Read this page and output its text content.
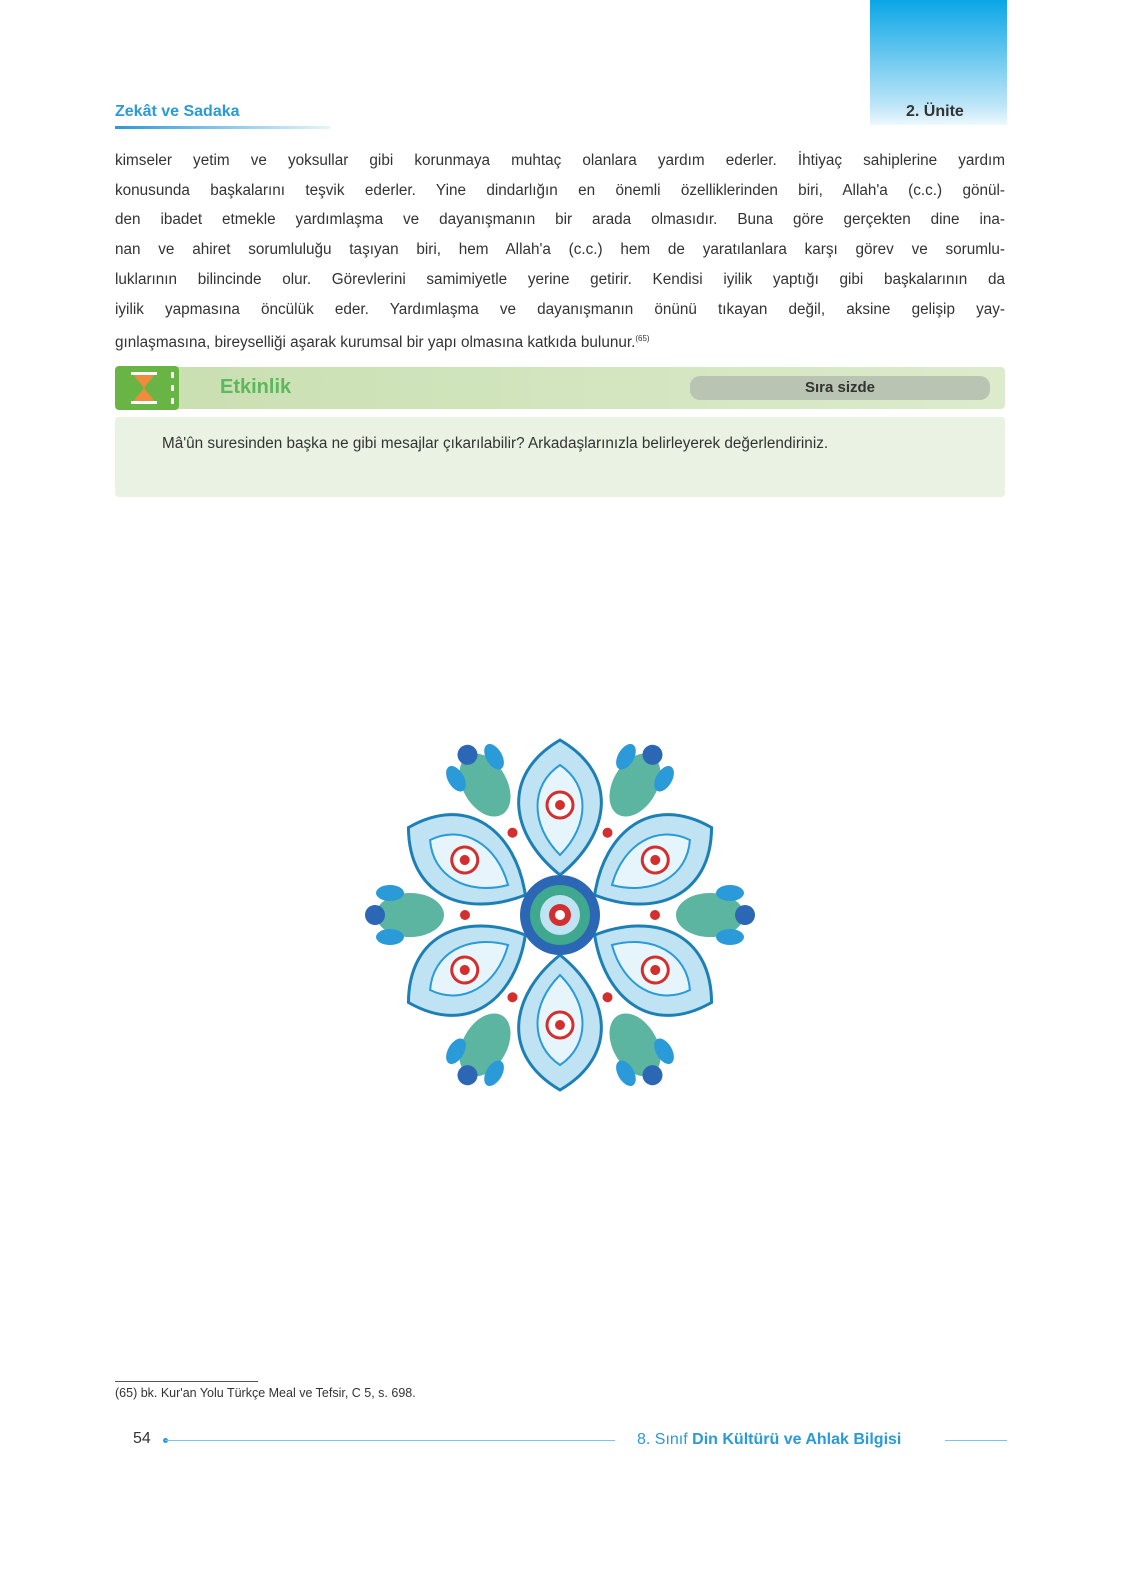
Zekât ve Sadaka	2. Ünite
kimseler yetim ve yoksullar gibi korunmaya muhtaç olanlara yardım ederler. İhtiyaç sahiplerine yardım
konusunda başkalarını teşvik ederler. Yine dindarlığın en önemli özelliklerinden biri, Allah'a (c.c.) gönül-
den ibadet etmekle yardımlaşma ve dayanışmanın bir arada olmasıdır. Buna göre gerçekten dine ina-
nan ve ahiret sorumluluğu taşıyan biri, hem Allah'a (c.c.) hem de yaratılanlara karşı görev ve sorumlu-
luklarının bilincinde olur. Görevlerini samimiyetle yerine getirir. Kendisi iyilik yaptığı gibi başkalarının da
iyilik yapmasına öncülük eder. Yardımlaşma ve dayanışmanın önünü tıkayan değil, aksine gelişip yay-
gınlaşmasına, bireyselliği aşarak kurumsal bir yapı olmasına katkıda bulunur.$^{(65)}$
Etkinlik	Sıra sizde
Mâ'ûn suresinden başka ne gibi mesajlar çıkarılabilir? Arkadaşlarınızla belirleyerek değerlendiriniz.
(65) bk. Kur'an Yolu Türkçe Meal ve Tefsir, C 5, s. 698.
54	8. Sınıf Din Kültürü ve Ahlak Bilgisi
